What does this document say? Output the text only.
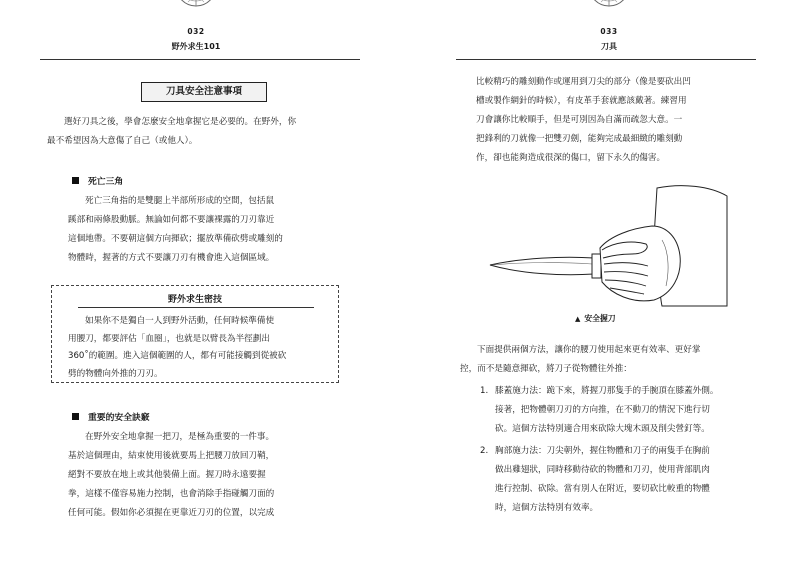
032
野外求生101
刀具安全注意事項
選好刀具之後，學會怎麼安全地拿握它是必要的。在野外，你
最不希望因為大意傷了自己（或他人）。
死亡三角
死亡三角指的是雙腿上半部所形成的空間，包括鼠
蹊部和兩條股動脈。無論如何都不要讓裸露的刀刃靠近
這個地帶。不要朝這個方向揮砍；擺放準備砍劈或雕刻的
物體時，握著的方式不要讓刀刃有機會進入這個區域。
野外求生密技
如果你不是獨自一人到野外活動，任何時候準備使
用腰刀，都要評估「血圈」，也就是以臂長為半徑劃出
360˚的範圍。進入這個範圍的人，都有可能接觸到從被砍
劈的物體向外推的刀刃。
重要的安全訣竅
在野外安全地拿握一把刀，是極為重要的一件事。
基於這個理由，結束使用後就要馬上把腰刀放回刀鞘，
絕對不要放在地上或其他裝備上面。握刀時永遠要握
拳，這樣不僅容易施力控制，也會消除手指碰觸刀面的
任何可能。假如你必須握在更靠近刀刃的位置，以完成
033
刀具
比較精巧的雕刻動作或運用到刀尖的部分（像是要砍出凹
槽或製作網針的時候），有皮革手套就應該戴著。練習用
刀會讓你比較順手，但是可別因為自滿而疏忽大意。一
把鋒利的刀就像一把雙刃劍，能夠完成最細緻的雕刻動
作，卻也能夠造成很深的傷口，留下永久的傷害。
▲ 安全握刀
下面提供兩個方法，讓你的腰刀使用起來更有效率、更好掌
控，而不是隨意揮砍，將刀子從物體往外推：
1. 膝蓋施力法：跪下來，將握刀那隻手的手腕頂在膝蓋外側。
接著，把物體朝刀刃的方向推，在不動刀的情況下進行切
砍。這個方法特別適合用來砍除大塊木頭及削尖營釘等。
2. 胸部施力法：刀尖朝外，握住物體和刀子的兩隻手在胸前
做出雞翅狀，同時移動待砍的物體和刀刃，使用背部肌肉
進行控制、砍除。當有別人在附近，要切砍比較重的物體
時，這個方法特別有效率。
